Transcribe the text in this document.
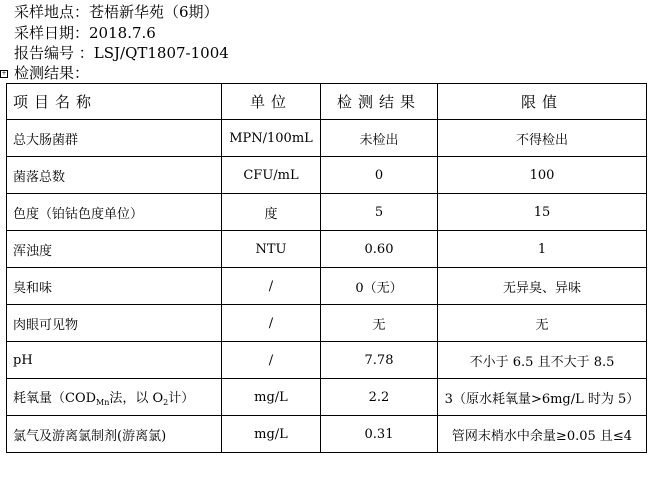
采样地点：苍梧新华苑（6期）
采样日期：2018.7.6
报告编号 ：LSJ/QT1807-1004
检测结果：
+
项目名称	单位	检测结果	限值
总大肠菌群	MPN/100mL	未检出	不得检出
菌落总数	CFU/mL	0	100
色度（铂钴色度单位）	度	5	15
浑浊度	NTU	0.60	1
臭和味	/	0（无）	无异臭、异味
肉眼可见物	/	无	无
pH	/	7.78	不小于 6.5 且不大于 8.5
耗氧量（$COD_{Mn}$法，以 $O_2$计）	mg/L	2.2	3（原水耗氧量>6mg/L 时为 5）
氯气及游离氯制剂(游离氯)	mg/L	0.31	管网末梢水中余量≥0.05 且≤4
